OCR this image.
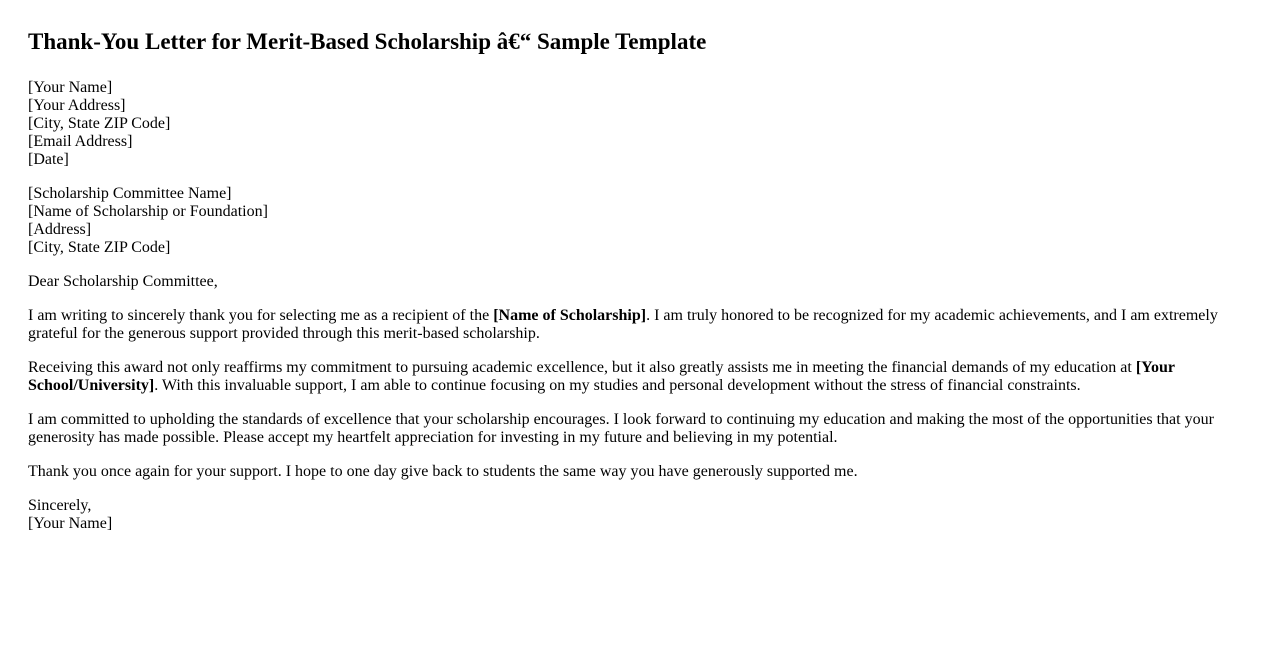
Thank-You Letter for Merit-Based Scholarship â€“ Sample Template

[Your Name]
[Your Address]
[City, State ZIP Code]
[Email Address]
[Date]

[Scholarship Committee Name]
[Name of Scholarship or Foundation]
[Address]
[City, State ZIP Code]

Dear Scholarship Committee,

I am writing to sincerely thank you for selecting me as a recipient of the [Name of Scholarship]. I am truly honored to be recognized for my academic achievements, and I am extremely grateful for the generous support provided through this merit-based scholarship.

Receiving this award not only reaffirms my commitment to pursuing academic excellence, but it also greatly assists me in meeting the financial demands of my education at [Your School/University]. With this invaluable support, I am able to continue focusing on my studies and personal development without the stress of financial constraints.

I am committed to upholding the standards of excellence that your scholarship encourages. I look forward to continuing my education and making the most of the opportunities that your generosity has made possible. Please accept my heartfelt appreciation for investing in my future and believing in my potential.

Thank you once again for your support. I hope to one day give back to students the same way you have generously supported me.

Sincerely,
[Your Name]
